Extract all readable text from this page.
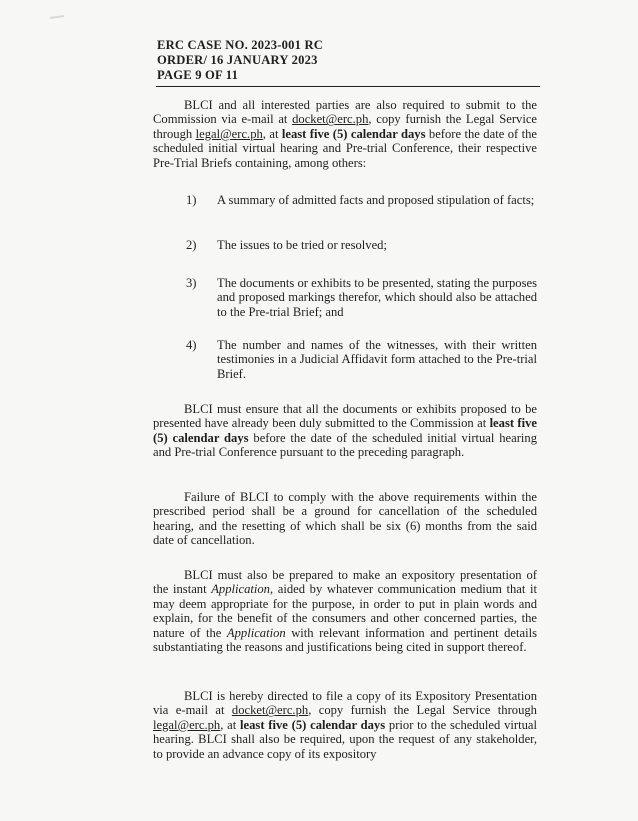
ERC CASE NO. 2023-001 RC
ORDER/ 16 JANUARY 2023
PAGE 9 OF 11

BLCI and all interested parties are also required to submit to the Commission via e-mail at docket@erc.ph, copy furnish the Legal Service through legal@erc.ph, at least five (5) calendar days before the date of the scheduled initial virtual hearing and Pre-trial Conference, their respective Pre-Trial Briefs containing, among others:

1)	A summary of admitted facts and proposed stipulation of facts;
2)	The issues to be tried or resolved;
3)	The documents or exhibits to be presented, stating the purposes and proposed markings therefor, which should also be attached to the Pre-trial Brief; and
4)	The number and names of the witnesses, with their written testimonies in a Judicial Affidavit form attached to the Pre-trial Brief.

BLCI must ensure that all the documents or exhibits proposed to be presented have already been duly submitted to the Commission at least five (5) calendar days before the date of the scheduled initial virtual hearing and Pre-trial Conference pursuant to the preceding paragraph.

Failure of BLCI to comply with the above requirements within the prescribed period shall be a ground for cancellation of the scheduled hearing, and the resetting of which shall be six (6) months from the said date of cancellation.

BLCI must also be prepared to make an expository presentation of the instant Application, aided by whatever communication medium that it may deem appropriate for the purpose, in order to put in plain words and explain, for the benefit of the consumers and other concerned parties, the nature of the Application with relevant information and pertinent details substantiating the reasons and justifications being cited in support thereof.

BLCI is hereby directed to file a copy of its Expository Presentation via e-mail at docket@erc.ph, copy furnish the Legal Service through legal@erc.ph, at least five (5) calendar days prior to the scheduled virtual hearing. BLCI shall also be required, upon the request of any stakeholder, to provide an advance copy of its expository
